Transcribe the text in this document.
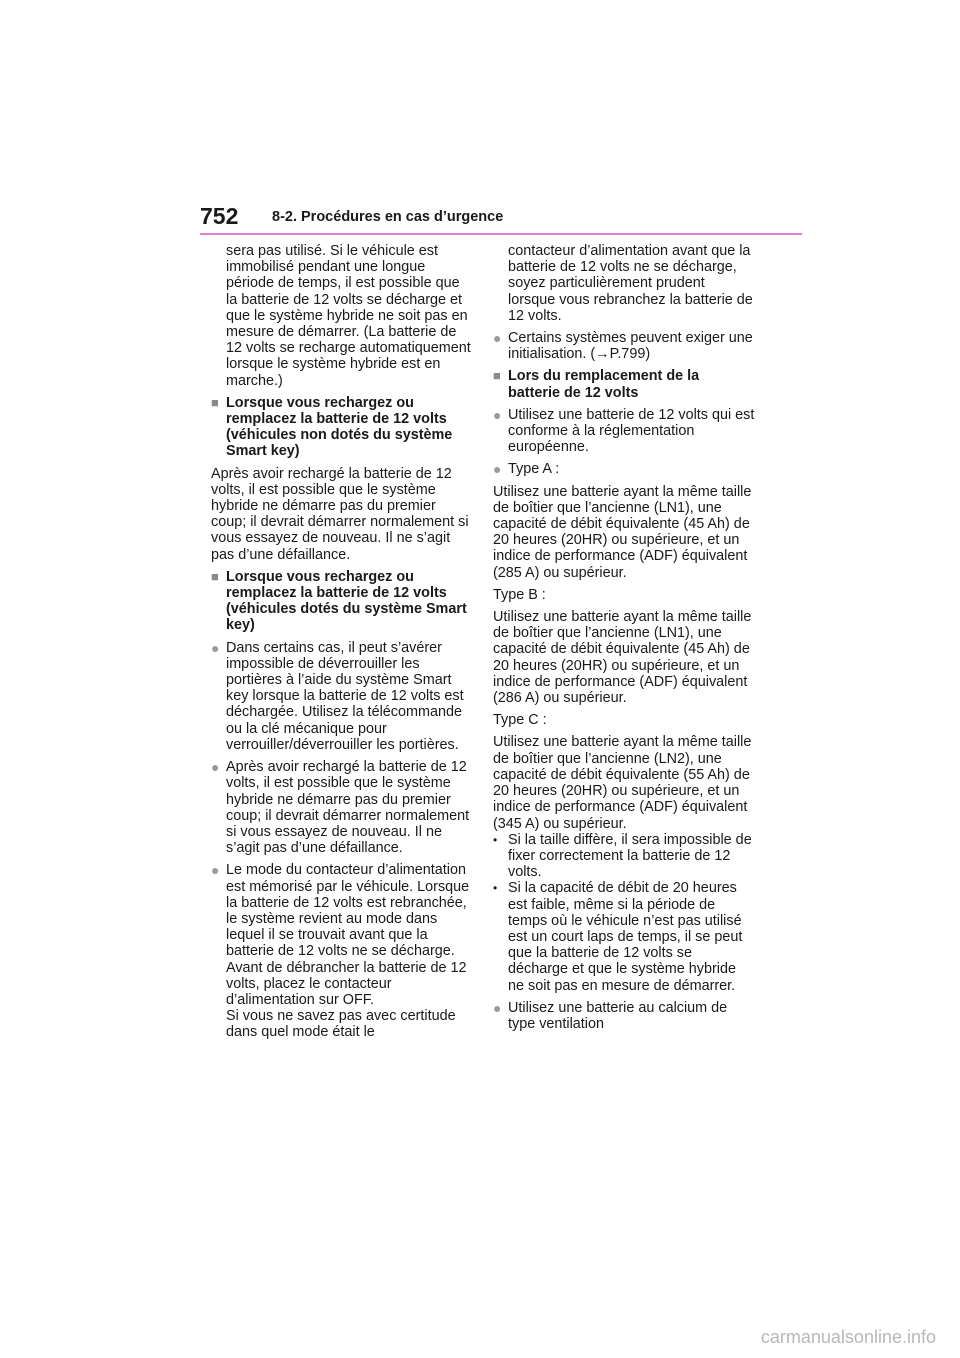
752 8-2. Procédures en cas d’urgence

sera pas utilisé. Si le véhicule est immobilisé pendant une longue période de temps, il est possible que la batterie de 12 volts se décharge et que le système hybride ne soit pas en mesure de démarrer. (La batterie de 12 volts se recharge automatiquement lorsque le système hybride est en marche.)

■ Lorsque vous rechargez ou remplacez la batterie de 12 volts (véhicules non dotés du système Smart key)

Après avoir rechargé la batterie de 12 volts, il est possible que le système hybride ne démarre pas du premier coup; il devrait démarrer normalement si vous essayez de nouveau. Il ne s’agit pas d’une défaillance.

■ Lorsque vous rechargez ou remplacez la batterie de 12 volts (véhicules dotés du système Smart key)
● Dans certains cas, il peut s’avérer impossible de déverrouiller les portières à l’aide du système Smart key lorsque la batterie de 12 volts est déchargée. Utilisez la télécommande ou la clé mécanique pour verrouiller/déverrouiller les portières.
● Après avoir rechargé la batterie de 12 volts, il est possible que le système hybride ne démarre pas du premier coup; il devrait démarrer normalement si vous essayez de nouveau. Il ne s’agit pas d’une défaillance.
● Le mode du contacteur d’alimentation est mémorisé par le véhicule. Lorsque la batterie de 12 volts est rebranchée, le système revient au mode dans lequel il se trouvait avant que la batterie de 12 volts ne se décharge. Avant de débrancher la batterie de 12 volts, placez le contacteur d’alimentation sur OFF.
Si vous ne savez pas avec certitude dans quel mode était le

contacteur d’alimentation avant que la batterie de 12 volts ne se décharge, soyez particulièrement prudent lorsque vous rebranchez la batterie de 12 volts.

● Certains systèmes peuvent exiger une initialisation. (→P.799)
■ Lors du remplacement de la batterie de 12 volts
● Utilisez une batterie de 12 volts qui est conforme à la réglementation européenne.
● Type A :

Utilisez une batterie ayant la même taille de boîtier que l’ancienne (LN1), une capacité de débit équivalente (45 Ah) de 20 heures (20HR) ou supérieure, et un indice de performance (ADF) équivalent (285 A) ou supérieur.

Type B :

Utilisez une batterie ayant la même taille de boîtier que l’ancienne (LN1), une capacité de débit équivalente (45 Ah) de 20 heures (20HR) ou supérieure, et un indice de performance (ADF) équivalent (286 A) ou supérieur.

Type C :

Utilisez une batterie ayant la même taille de boîtier que l’ancienne (LN2), une capacité de débit équivalente (55 Ah) de 20 heures (20HR) ou supérieure, et un indice de performance (ADF) équivalent (345 A) ou supérieur.

• Si la taille diffère, il sera impossible de fixer correctement la batterie de 12 volts.
• Si la capacité de débit de 20 heures est faible, même si la période de temps où le véhicule n’est pas utilisé est un court laps de temps, il se peut que la batterie de 12 volts se décharge et que le système hybride ne soit pas en mesure de démarrer.
● Utilisez une batterie au calcium de type ventilation
carmanualsonline.info
